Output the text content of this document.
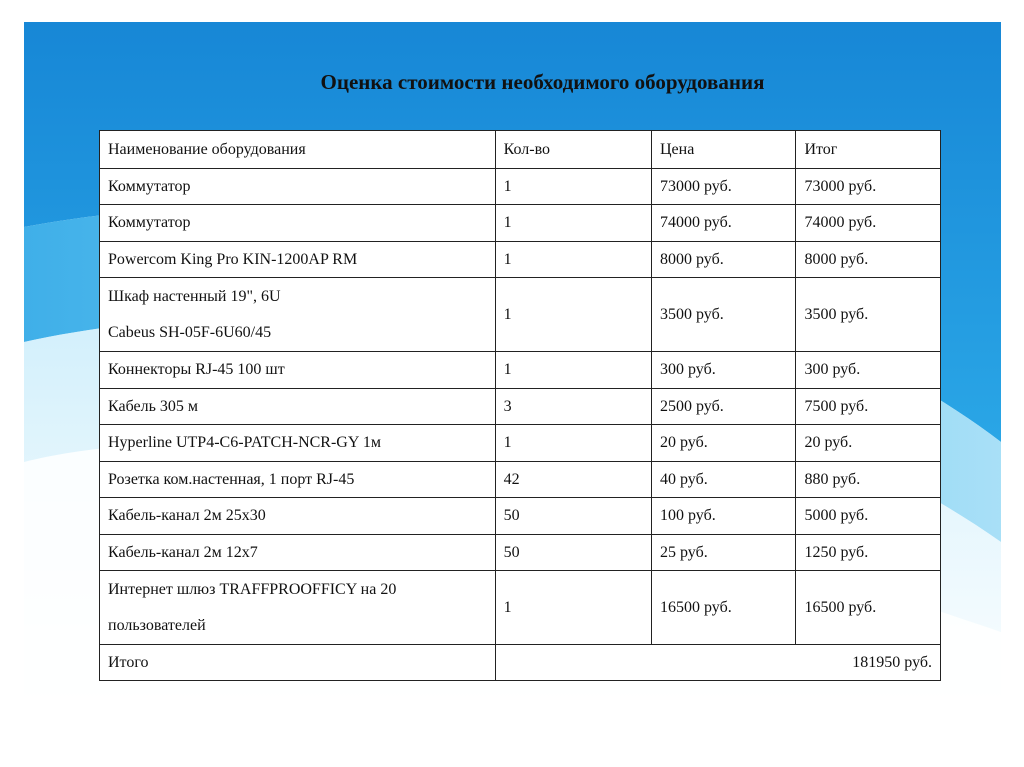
Оценка стоимости необходимого оборудования
Наименование оборудования	Кол-во	Цена	Итог
Коммутатор	1	73000 руб.	73000 руб.
Коммутатор	1	74000 руб.	74000 руб.
Powercom King Pro KIN-1200AP RM	1	8000 руб.	8000 руб.
Шкаф настенный 19", 6U
Cabeus SH-05F-6U60/45	1	3500 руб.	3500 руб.
Коннекторы RJ-45 100 шт	1	300 руб.	300 руб.
Кабель 305 м	3	2500 руб.	7500 руб.
Hyperline UTP4-C6-PATCH-NCR-GY 1м	1	20 руб.	20 руб.
Розетка ком.настенная, 1 порт RJ-45	42	40 руб.	880 руб.
Кабель-канал 2м 25x30	50	100 руб.	5000 руб.
Кабель-канал 2м 12x7	50	25 руб.	1250 руб.

Интернет шлюз TRAFFPROOFFICY на 20
пользователей	1	16500 руб.	16500 руб.
Итого	181950 руб.		
